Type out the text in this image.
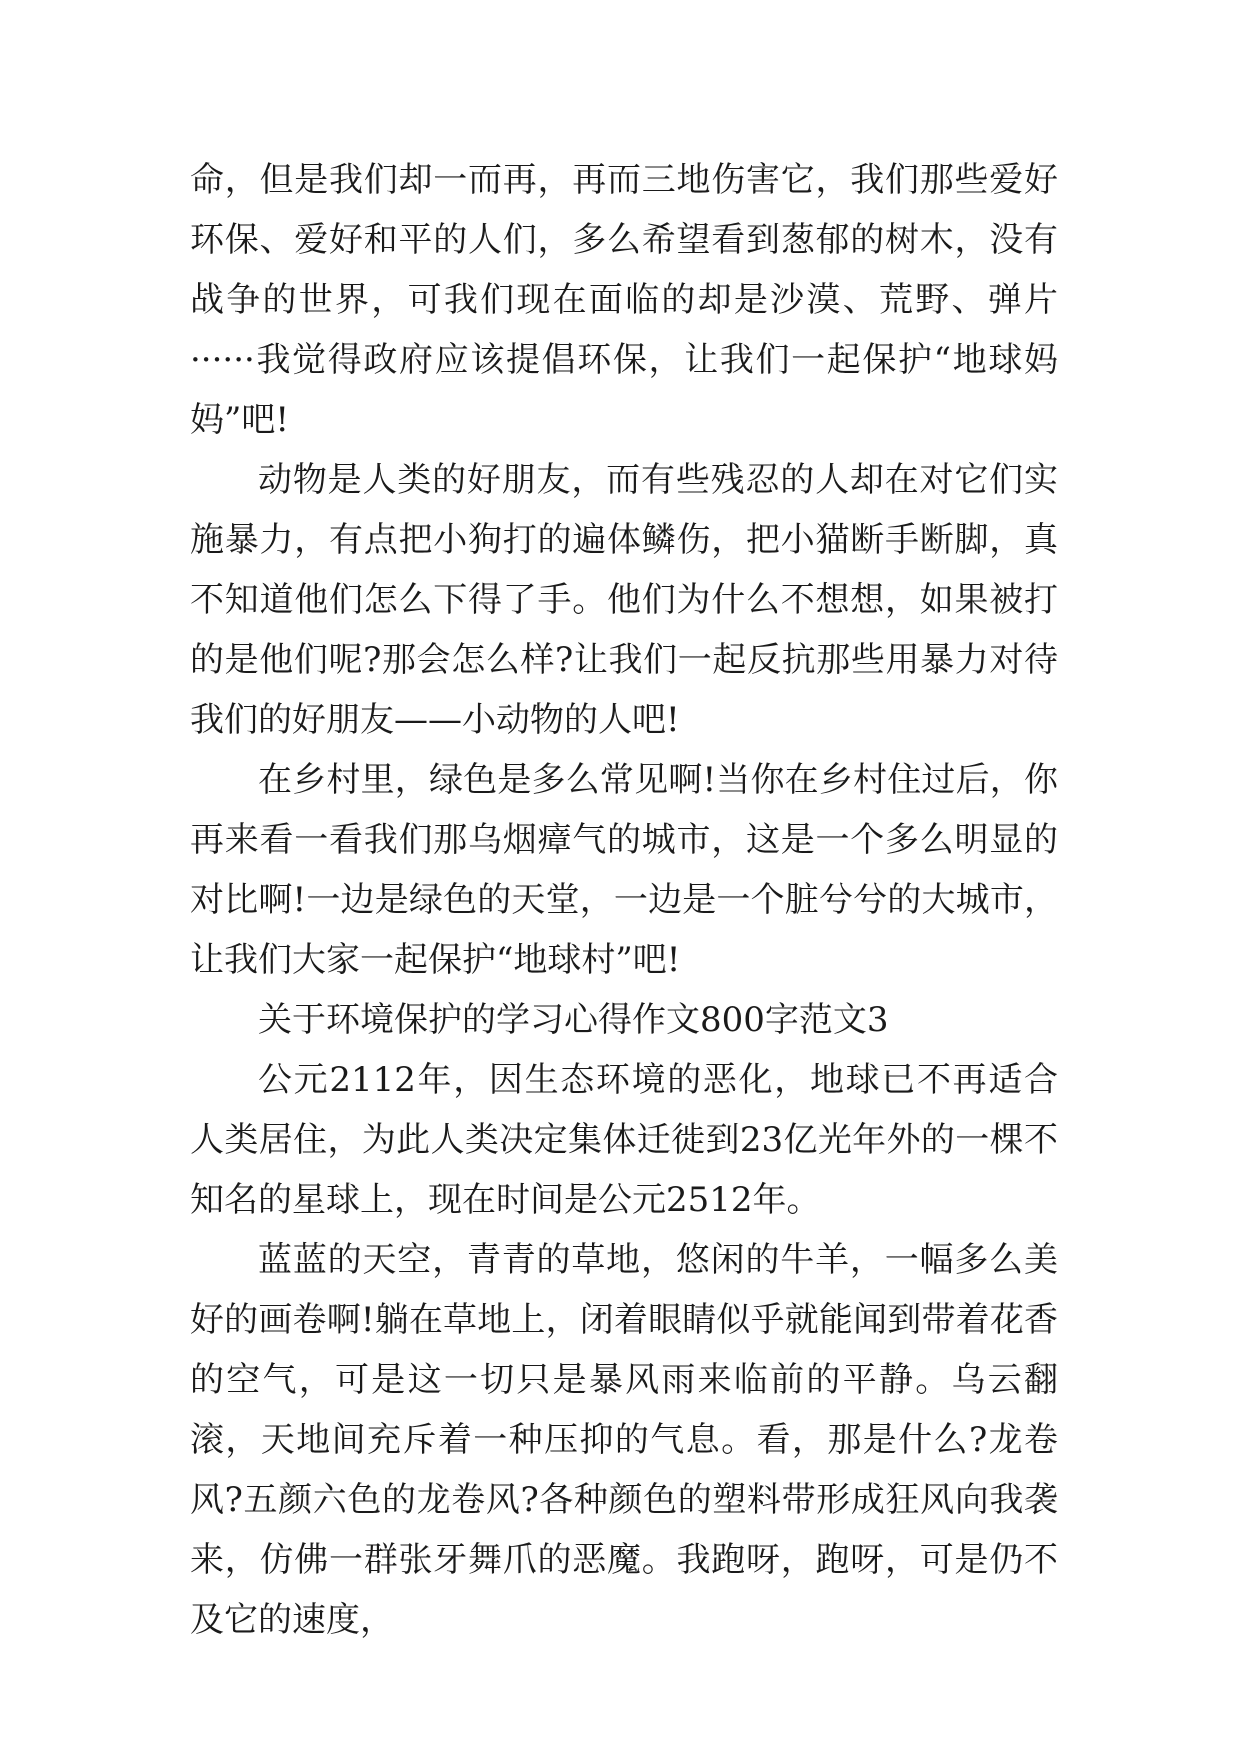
命，但是我们却一而再，再而三地伤害它，我们那些爱好环保、爱好和平的人们，多么希望看到葱郁的树木，没有战争的世界，可我们现在面临的却是沙漠、荒野、弹片······我觉得政府应该提倡环保，让我们一起保护“地球妈妈”吧!

动物是人类的好朋友，而有些残忍的人却在对它们实施暴力，有点把小狗打的遍体鳞伤，把小猫断手断脚，真不知道他们怎么下得了手。他们为什么不想想，如果被打的是他们呢?那会怎么样?让我们一起反抗那些用暴力对待我们的好朋友——小动物的人吧!

在乡村里，绿色是多么常见啊!当你在乡村住过后，你再来看一看我们那乌烟瘴气的城市，这是一个多么明显的对比啊!一边是绿色的天堂，一边是一个脏兮兮的大城市，让我们大家一起保护“地球村”吧!

关于环境保护的学习心得作文800字范文3

公元2112年，因生态环境的恶化，地球已不再适合人类居住，为此人类决定集体迁徙到23亿光年外的一棵不知名的星球上，现在时间是公元2512年。

蓝蓝的天空，青青的草地，悠闲的牛羊，一幅多么美好的画卷啊!躺在草地上，闭着眼睛似乎就能闻到带着花香的空气，可是这一切只是暴风雨来临前的平静。乌云翻滚，天地间充斥着一种压抑的气息。看，那是什么?龙卷风?五颜六色的龙卷风?各种颜色的塑料带形成狂风向我袭来，仿佛一群张牙舞爪的恶魔。我跑呀，跑呀，可是仍不及它的速度，
